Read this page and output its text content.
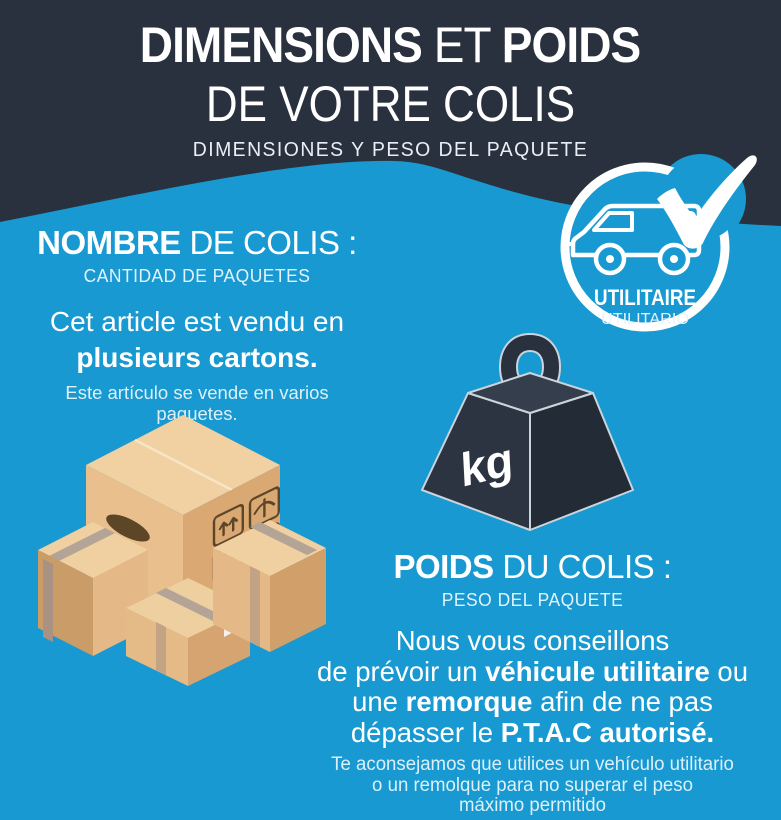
DIMENSIONS ET POIDS
DE VOTRE COLIS
DIMENSIONES Y PESO DEL PAQUETE
UTILITAIRE
UTILITARIO
NOMBRE DE COLIS :
CANTIDAD DE PAQUETES
Cet article est vendu en
plusieurs cartons.
Este artículo se vende en varios
paquetes.
kg
POIDS DU COLIS :
PESO DEL PAQUETE
Nous vous conseillons
de prévoir un véhicule utilitaire ou
une remorque afin de ne pas
dépasser le P.T.A.C autorisé.
Te aconsejamos que utilices un vehículo utilitario
o un remolque para no superar el peso
máximo permitido
